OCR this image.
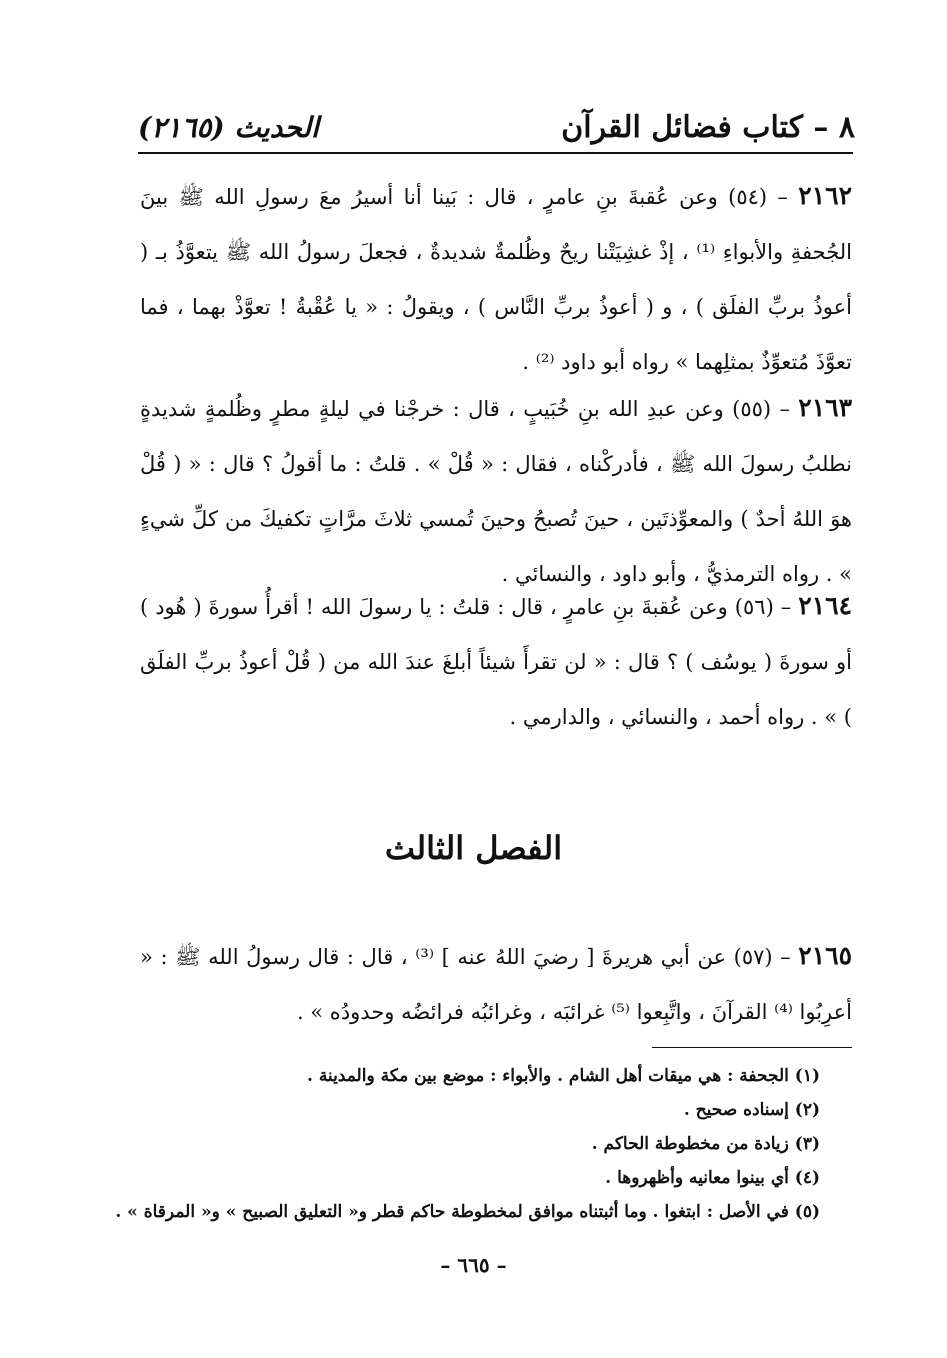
٨ – كتاب فضائل القرآن
الحديث (٢١٦٥)
٢١٦٢ – (٥٤) وعن عُقبةَ بنِ عامرٍ ، قال : بَينا أنا أسيرُ معَ رسولِ الله ﷺ بينَ الجُحفةِ والأبواءِ ⁽¹⁾ ، إذْ غشِيَتْنا ريحٌ وظُلمةٌ شديدةٌ ، فجعلَ رسولُ الله ﷺ يتعوَّذُ بـ ( أعوذُ بربِّ الفلَق ) ، و ( أعوذُ بربِّ النَّاس ) ، ويقولُ : « يا عُقْبةُ ! تعوَّذْ بهما ، فما تعوَّذَ مُتعوِّذٌ بمثلِهما » رواه أبو داود ⁽²⁾ .
٢١٦٣ – (٥٥) وعن عبدِ الله بنِ خُبَيبٍ ، قال : خرجْنا في ليلةٍ مطرٍ وظُلمةٍ شديدةٍ نطلبُ رسولَ الله ﷺ ، فأدركْناه ، فقال : « قُلْ » . قلتُ : ما أقولُ ؟ قال : « ( قُلْ هوَ اللهُ أحدٌ ) والمعوِّذتَين ، حينَ تُصبحُ وحينَ تُمسي ثلاثَ مرَّاتٍ تكفيكَ من كلِّ شيءٍ » . رواه الترمذيُّ ، وأبو داود ، والنسائي .
٢١٦٤ – (٥٦) وعن عُقبةَ بنِ عامرٍ ، قال : قلتُ : يا رسولَ الله ! أقرأُ سورةَ ( هُود ) أو سورةَ ( يوسُف ) ؟ قال : « لن تقرأَ شيئاً أبلغَ عندَ الله من ( قُلْ أعوذُ بربِّ الفلَق ) » . رواه أحمد ، والنسائي ، والدارمي .
الفصل الثالث
٢١٦٥ – (٥٧) عن أبي هريرةَ [ رضيَ اللهُ عنه ] ⁽³⁾ ، قال : قال رسولُ الله ﷺ : « أعرِبُوا ⁽⁴⁾ القرآنَ ، واتَّبِعوا ⁽⁵⁾ غرائبَه ، وغرائبُه فرائضُه وحدودُه » .
(١) الجحفة : هي ميقات أهل الشام . والأبواء : موضع بين مكة والمدينة .
(٢) إسناده صحيح .
(٣) زيادة من مخطوطة الحاكم .
(٤) أي بينوا معانيه وأظهروها .
(٥) في الأصل : ابتغوا . وما أثبتناه موافق لمخطوطة حاكم قطر و« التعليق الصبيح » و« المرقاة » .
– ٦٦٥ –
